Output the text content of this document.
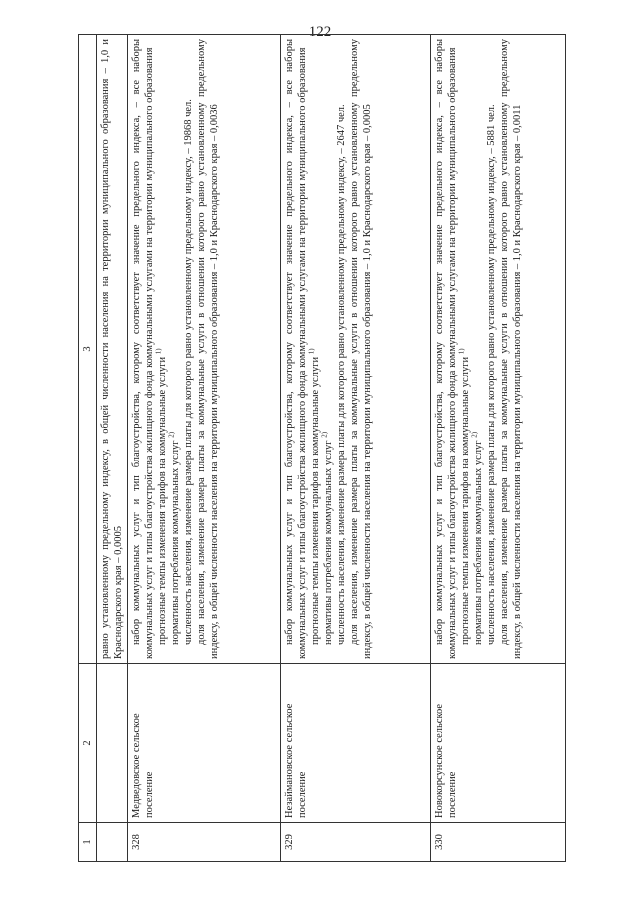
122
1	2	3
		равно установленному предельному индексу, в общей численности населения на территории муниципального образования – 1,0 и Краснодарского края – 0,0005
328	Медведовское сельское поселение	набор коммунальных услуг и тип благоустройства, которому соответствует значение предельного индекса, – все наборы коммунальных услуг и типы благоустройства жилищного фонда коммунальными услугами на территории муниципального образования прогнозные темпы изменения тарифов на коммунальные услуги $^{1)}$

нормативы потребления коммунальных услуг $^{2)}$ численность населения, изменение размера платы для которого равно установленному предельному индексу, – 19868 чел. доля населения, изменение размера платы за коммунальные услуги в отношении которого равно установленному предельному индексу, в общей численности населения на территории муниципального образования – 1,0 и Краснодарского края – 0,0036

329	Незаймановское сельское поселение	набор коммунальных услуг и тип благоустройства, которому соответствует значение предельного индекса, – все наборы коммунальных услуг и типы благоустройства жилищного фонда коммунальными услугами на территории муниципального образования прогнозные темпы изменения тарифов на коммунальные услуги $^{1)}$

нормативы потребления коммунальных услуг $^{2)}$ численность населения, изменение размера платы для которого равно установленному предельному индексу, – 2647 чел. доля населения, изменение размера платы за коммунальные услуги в отношении которого равно установленному предельному индексу, в общей численности населения на территории муниципального образования – 1,0 и Краснодарского края – 0,0005

330	Новокорсунское сельское поселение	набор коммунальных услуг и тип благоустройства, которому соответствует значение предельного индекса, – все наборы коммунальных услуг и типы благоустройства жилищного фонда коммунальными услугами на территории муниципального образования прогнозные темпы изменения тарифов на коммунальные услуги $^{1)}$

нормативы потребления коммунальных услуг $^{2)}$ численность населения, изменение размера платы для которого равно установленному предельному индексу, – 5881 чел. доля населения, изменение размера платы за коммунальные услуги в отношении которого равно установленному предельному индексу, в общей численности населения на территории муниципального образования – 1,0 и Краснодарского края – 0,0011
